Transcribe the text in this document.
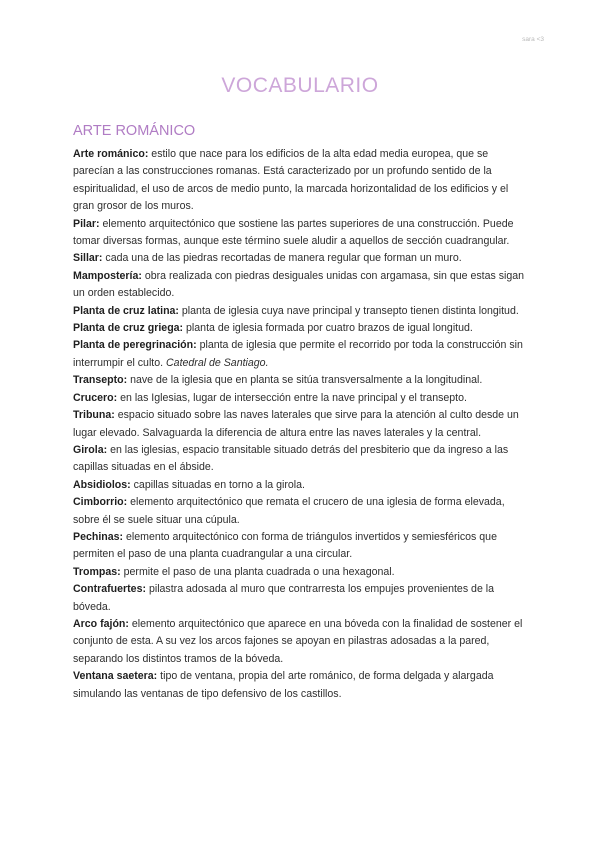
sara <3
VOCABULARIO
ARTE ROMÁNICO

Arte románico: estilo que nace para los edificios de la alta edad media europea, que se parecían a las construcciones romanas. Está caracterizado por un profundo sentido de la espiritualidad, el uso de arcos de medio punto, la marcada horizontalidad de los edificios y el gran grosor de los muros.

Pilar: elemento arquitectónico que sostiene las partes superiores de una construcción. Puede tomar diversas formas, aunque este término suele aludir a aquellos de sección cuadrangular.

Sillar: cada una de las piedras recortadas de manera regular que forman un muro.

Mampostería: obra realizada con piedras desiguales unidas con argamasa, sin que estas sigan un orden establecido.

Planta de cruz latina: planta de iglesia cuya nave principal y transepto tienen distinta longitud.

Planta de cruz griega: planta de iglesia formada por cuatro brazos de igual longitud.

Planta de peregrinación: planta de iglesia que permite el recorrido por toda la construcción sin interrumpir el culto. Catedral de Santiago.

Transepto: nave de la iglesia que en planta se sitúa transversalmente a la longitudinal.

Crucero: en las Iglesias, lugar de intersección entre la nave principal y el transepto.

Tribuna: espacio situado sobre las naves laterales que sirve para la atención al culto desde un lugar elevado. Salvaguarda la diferencia de altura entre las naves laterales y la central.

Girola: en las iglesias, espacio transitable situado detrás del presbiterio que da ingreso a las capillas situadas en el ábside.

Absidiolos: capillas situadas en torno a la girola.

Cimborrio: elemento arquitectónico que remata el crucero de una iglesia de forma elevada, sobre él se suele situar una cúpula.

Pechinas: elemento arquitectónico con forma de triángulos invertidos y semiesféricos que permiten el paso de una planta cuadrangular a una circular.

Trompas: permite el paso de una planta cuadrada o una hexagonal.

Contrafuertes: pilastra adosada al muro que contrarresta los empujes provenientes de la bóveda.

Arco fajón: elemento arquitectónico que aparece en una bóveda con la finalidad de sostener el conjunto de esta. A su vez los arcos fajones se apoyan en pilastras adosadas a la pared, separando los distintos tramos de la bóveda.

Ventana saetera: tipo de ventana, propia del arte románico, de forma delgada y alargada simulando las ventanas de tipo defensivo de los castillos.
